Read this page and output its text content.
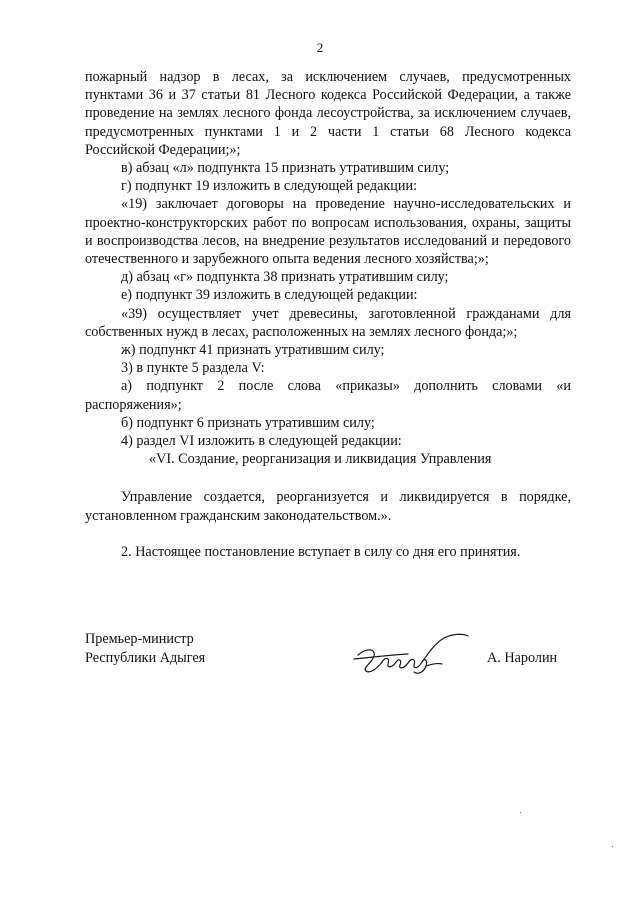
2

пожарный надзор в лесах, за исключением случаев, предусмотренных пунктами 36 и 37 статьи 81 Лесного кодекса Российской Федерации, а также проведение на землях лесного фонда лесоустройства, за исключением случаев, предусмотренных пунктами 1 и 2 части 1 статьи 68 Лесного кодекса Российской Федерации;»;

в) абзац «л» подпункта 15 признать утратившим силу;

г) подпункт 19 изложить в следующей редакции:

«19) заключает договоры на проведение научно-исследовательских и проектно-конструкторских работ по вопросам использования, охраны, защиты и воспроизводства лесов, на внедрение результатов исследований и передового отечественного и зарубежного опыта ведения лесного хозяйства;»;

д) абзац «г» подпункта 38 признать утратившим силу;

е) подпункт 39 изложить в следующей редакции:

«39) осуществляет учет древесины, заготовленной гражданами для собственных нужд в лесах, расположенных на землях лесного фонда;»;

ж) подпункт 41 признать утратившим силу;

3) в пункте 5 раздела V:

а) подпункт 2 после слова «приказы» дополнить словами «и распоряжения»;

б) подпункт 6 признать утратившим силу;

4) раздел VI изложить в следующей редакции:

«VI. Создание, реорганизация и ликвидация Управления

Управление создается, реорганизуется и ликвидируется в порядке, установленном гражданским законодательством.».

2. Настоящее постановление вступает в силу со дня его принятия.

Премьер-министр
Республики Адыгея	А. Наролин
